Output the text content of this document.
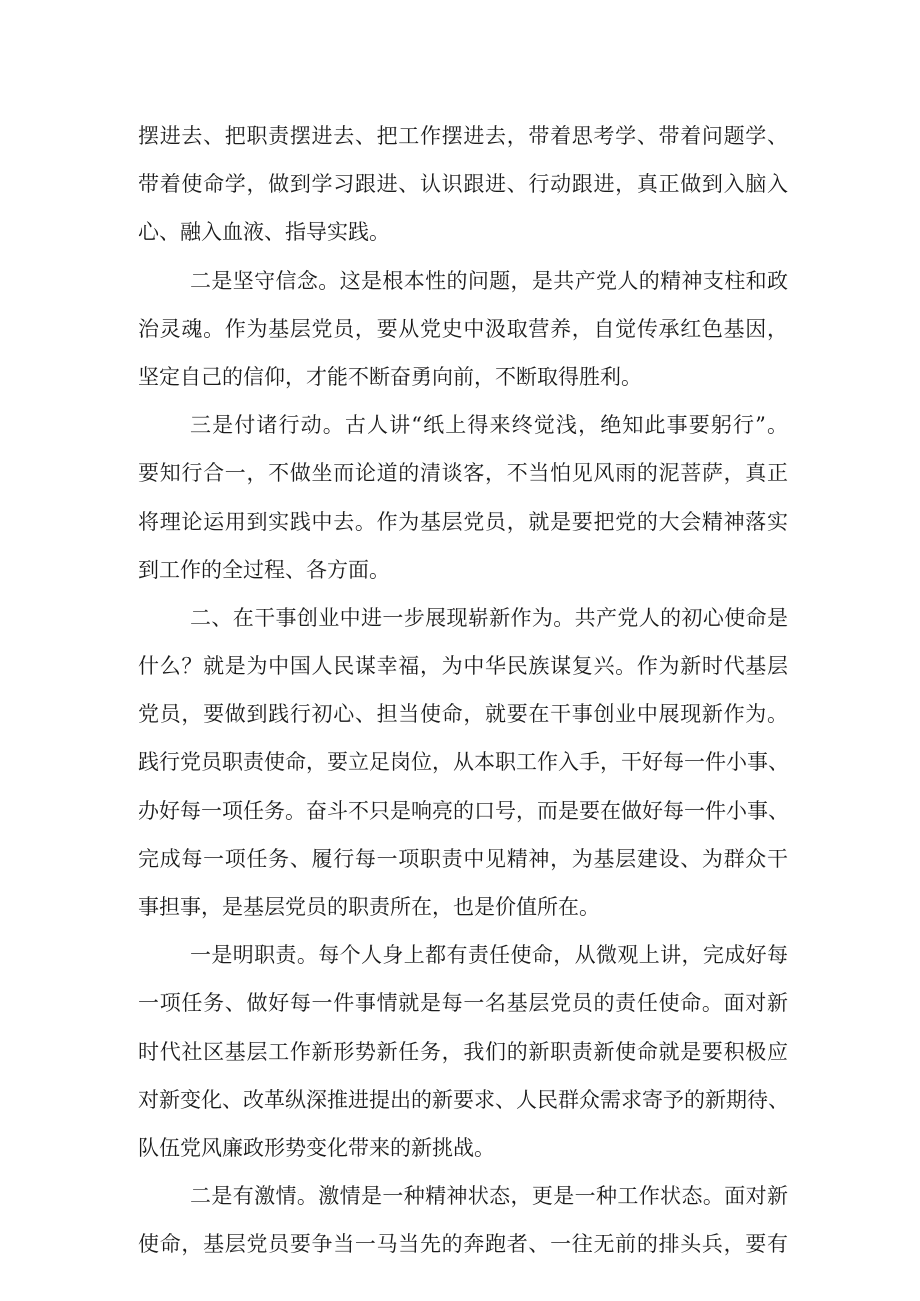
摆进去、把职责摆进去、把工作摆进去，带着思考学、带着问题学、
带着使命学，做到学习跟进、认识跟进、行动跟进，真正做到入脑入
心、融入血液、指导实践。
二是坚守信念。这是根本性的问题，是共产党人的精神支柱和政
治灵魂。作为基层党员，要从党史中汲取营养，自觉传承红色基因，
坚定自己的信仰，才能不断奋勇向前，不断取得胜利。
三是付诸行动。古人讲“纸上得来终觉浅，绝知此事要躬行”。
要知行合一，不做坐而论道的清谈客，不当怕见风雨的泥菩萨，真正
将理论运用到实践中去。作为基层党员，就是要把党的大会精神落实
到工作的全过程、各方面。
二、在干事创业中进一步展现崭新作为。共产党人的初心使命是
什么？就是为中国人民谋幸福，为中华民族谋复兴。作为新时代基层
党员，要做到践行初心、担当使命，就要在干事创业中展现新作为。
践行党员职责使命，要立足岗位，从本职工作入手，干好每一件小事、
办好每一项任务。奋斗不只是响亮的口号，而是要在做好每一件小事、
完成每一项任务、履行每一项职责中见精神，为基层建设、为群众干
事担事，是基层党员的职责所在，也是价值所在。
一是明职责。每个人身上都有责任使命，从微观上讲，完成好每
一项任务、做好每一件事情就是每一名基层党员的责任使命。面对新
时代社区基层工作新形势新任务，我们的新职责新使命就是要积极应
对新变化、改革纵深推进提出的新要求、人民群众需求寄予的新期待、
队伍党风廉政形势变化带来的新挑战。
二是有激情。激情是一种精神状态，更是一种工作状态。面对新
使命，基层党员要争当一马当先的奔跑者、一往无前的排头兵，要有
